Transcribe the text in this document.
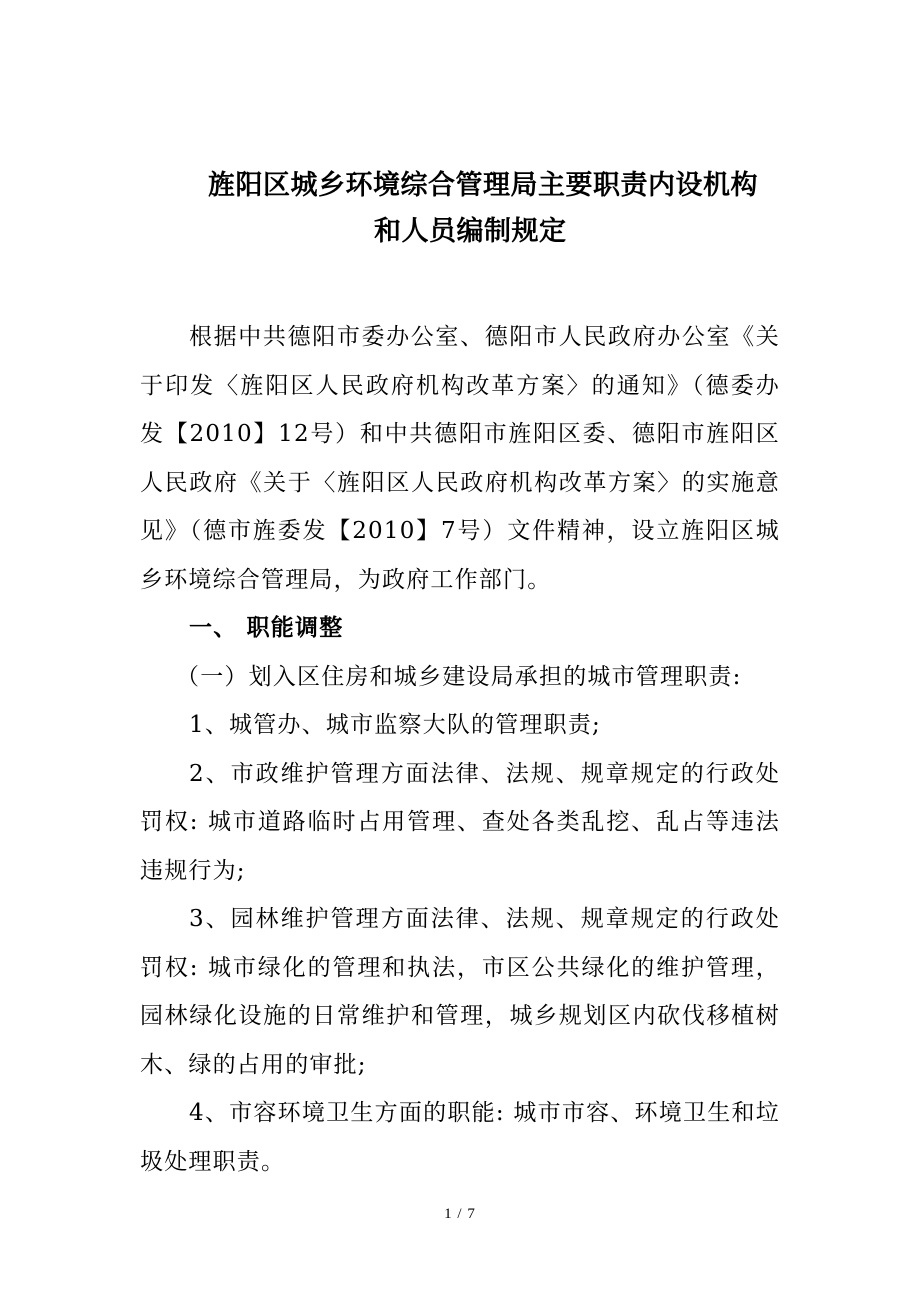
旌阳区城乡环境综合管理局主要职责内设机构
和人员编制规定

根据中共德阳市委办公室、德阳市人民政府办公室《关于印发〈旌阳区人民政府机构改革方案〉的通知》（德委办发【2010】12号）和中共德阳市旌阳区委、德阳市旌阳区人民政府《关于〈旌阳区人民政府机构改革方案〉的实施意见》（德市旌委发【2010】7号）文件精神，设立旌阳区城乡环境综合管理局，为政府工作部门。

一、 职能调整

（一）划入区住房和城乡建设局承担的城市管理职责:

1、城管办、城市监察大队的管理职责;

2、市政维护管理方面法律、法规、规章规定的行政处罚权: 城市道路临时占用管理、查处各类乱挖、乱占等违法违规行为;

3、园林维护管理方面法律、法规、规章规定的行政处罚权: 城市绿化的管理和执法，市区公共绿化的维护管理，园林绿化设施的日常维护和管理，城乡规划区内砍伐移植树木、绿的占用的审批;

4、市容环境卫生方面的职能: 城市市容、环境卫生和垃圾处理职责。

1 / 7
